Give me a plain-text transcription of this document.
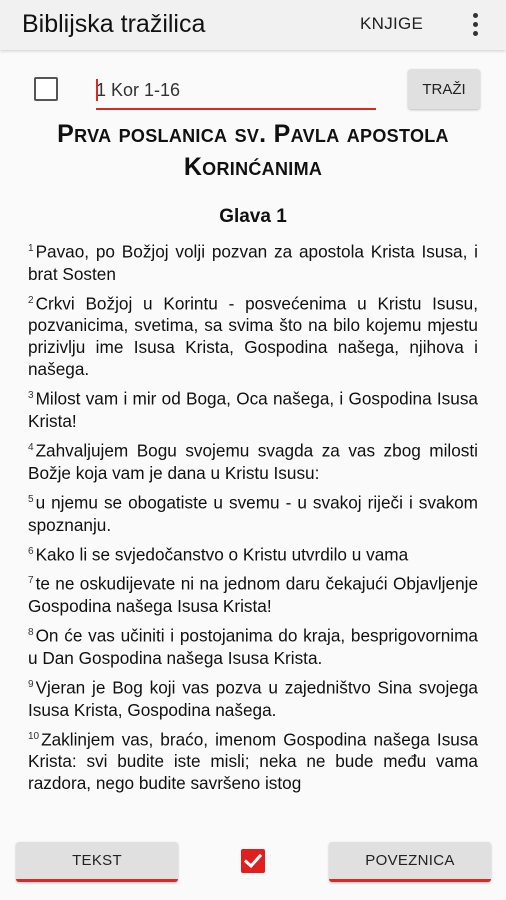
Biblijska tražilica	KNJIGE
1 Kor 1-16
TRAŽI
Prva poslanica sv. Pavla apostola Korinćanima
Glava 1

$^1$ Pavao, po Božjoj volji pozvan za apostola Krista Isusa, i brat Sosten

$^2$ Crkvi Božjoj u Korintu - posvećenima u Kristu Isusu, pozvanicima, svetima, sa svima što na bilo kojemu mjestu prizivlju ime Isusa Krista, Gospodina našega, njihova i našega.

$^3$ Milost vam i mir od Boga, Oca našega, i Gospodina Isusa Krista!

$^4$ Zahvaljujem Bogu svojemu svagda za vas zbog milosti Božje koja vam je dana u Kristu Isusu:

$^5$ u njemu se obogatiste u svemu - u svakoj riječi i svakom spoznanju.

$^6$ Kako li se svjedočanstvo o Kristu utvrdilo u vama

$^7$ te ne oskudijevate ni na jednom daru čekajući Objavljenje Gospodina našega Isusa Krista!

$^8$ On će vas učiniti i postojanima do kraja, besprigovornima u Dan Gospodina našega Isusa Krista.

$^9$ Vjeran je Bog koji vas pozva u zajedništvo Sina svojega Isusa Krista, Gospodina našega.

$^{10}$ Zaklinjem vas, braćo, imenom Gospodina našega Isusa Krista: svi budite iste misli; neka ne bude među vama razdora, nego budite savršeno istog

TEKST	POVEZNICA
